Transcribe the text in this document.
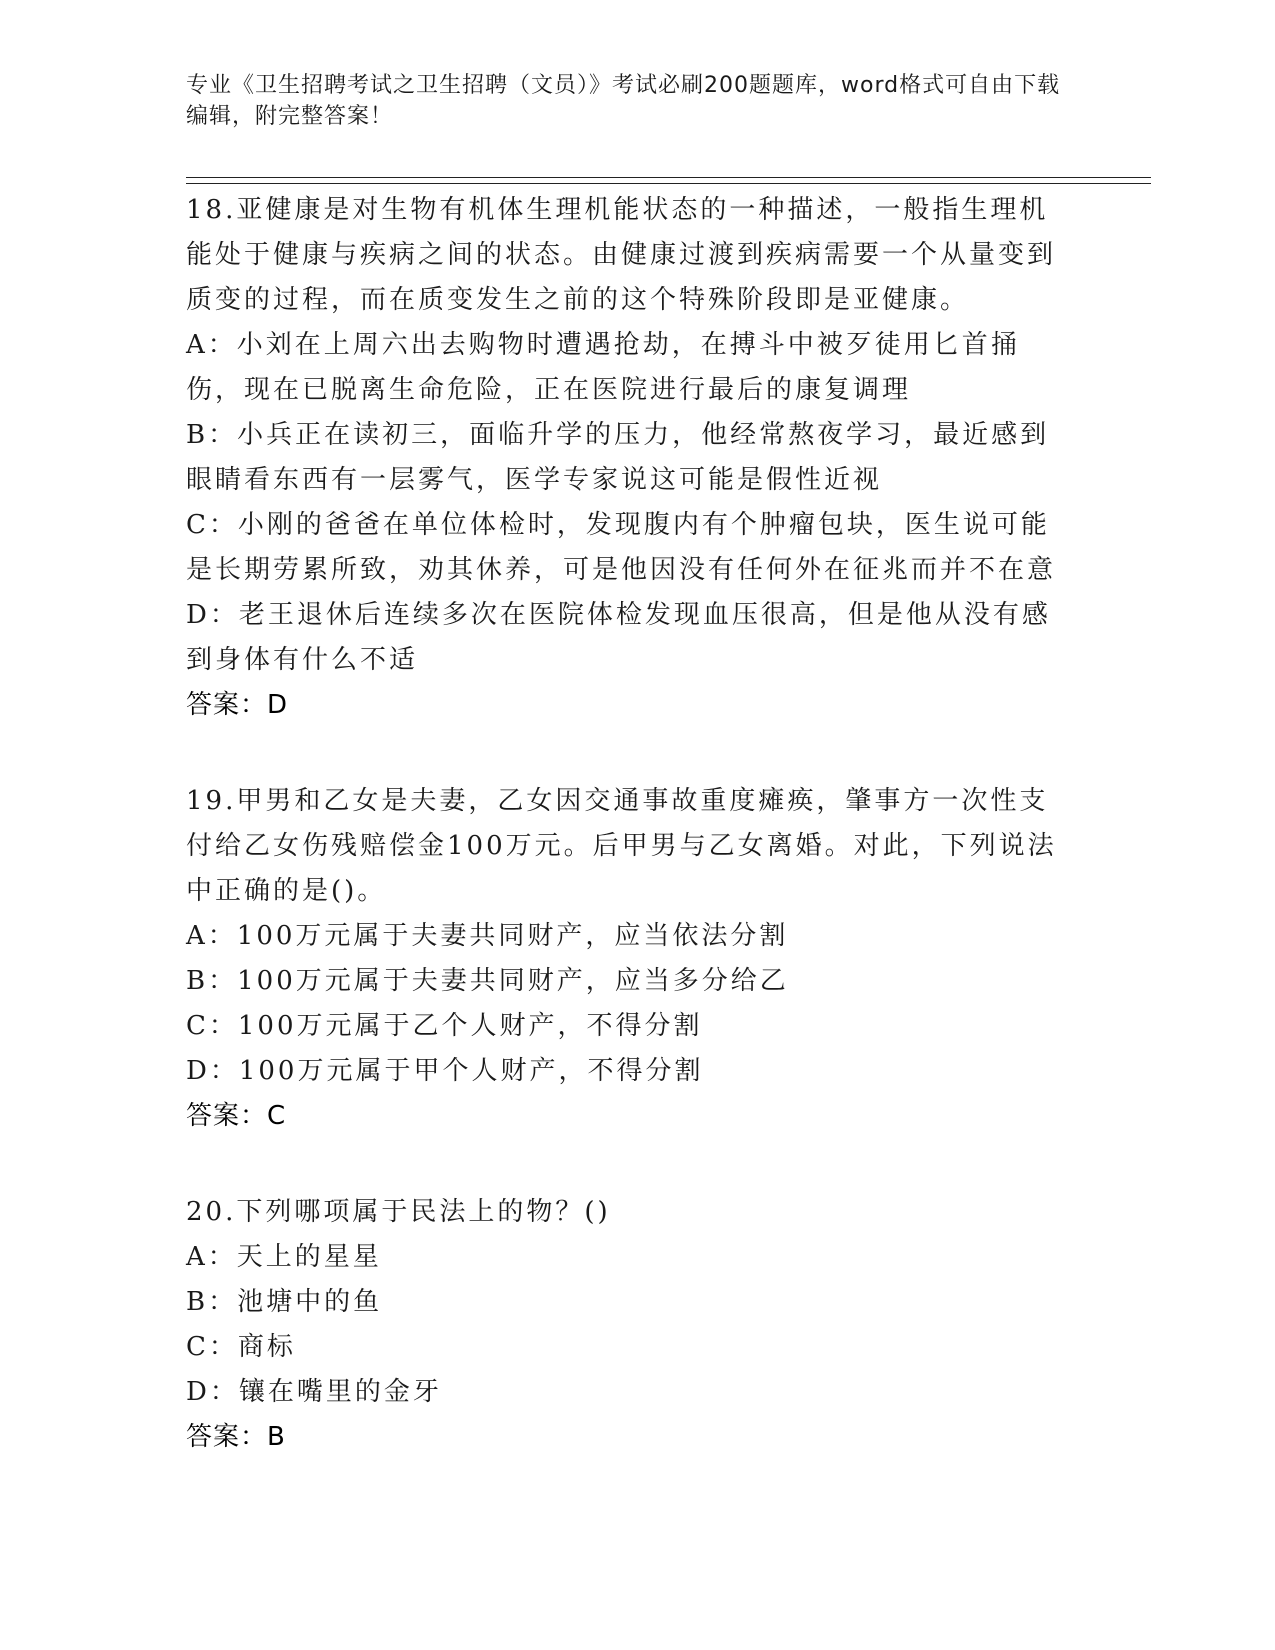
专业《卫生招聘考试之卫生招聘（文员）》考试必刷200题题库，word格式可自由下载编辑，附完整答案！
18.亚健康是对生物有机体生理机能状态的一种描述，一般指生理机能处于健康与疾病之间的状态。由健康过渡到疾病需要一个从量变到质变的过程，而在质变发生之前的这个特殊阶段即是亚健康。
A：小刘在上周六出去购物时遭遇抢劫，在搏斗中被歹徒用匕首捅伤，现在已脱离生命危险，正在医院进行最后的康复调理
B：小兵正在读初三，面临升学的压力，他经常熬夜学习，最近感到眼睛看东西有一层雾气，医学专家说这可能是假性近视
C：小刚的爸爸在单位体检时，发现腹内有个肿瘤包块，医生说可能是长期劳累所致，劝其休养，可是他因没有任何外在征兆而并不在意
D：老王退休后连续多次在医院体检发现血压很高，但是他从没有感到身体有什么不适
答案：D
19.甲男和乙女是夫妻，乙女因交通事故重度瘫痪，肇事方一次性支付给乙女伤残赔偿金100万元。后甲男与乙女离婚。对此，下列说法中正确的是()。
A：100万元属于夫妻共同财产，应当依法分割
B：100万元属于夫妻共同财产，应当多分给乙
C：100万元属于乙个人财产，不得分割
D：100万元属于甲个人财产，不得分割
答案：C
20.下列哪项属于民法上的物？()
A：天上的星星
B：池塘中的鱼
C：商标
D：镶在嘴里的金牙
答案：B
